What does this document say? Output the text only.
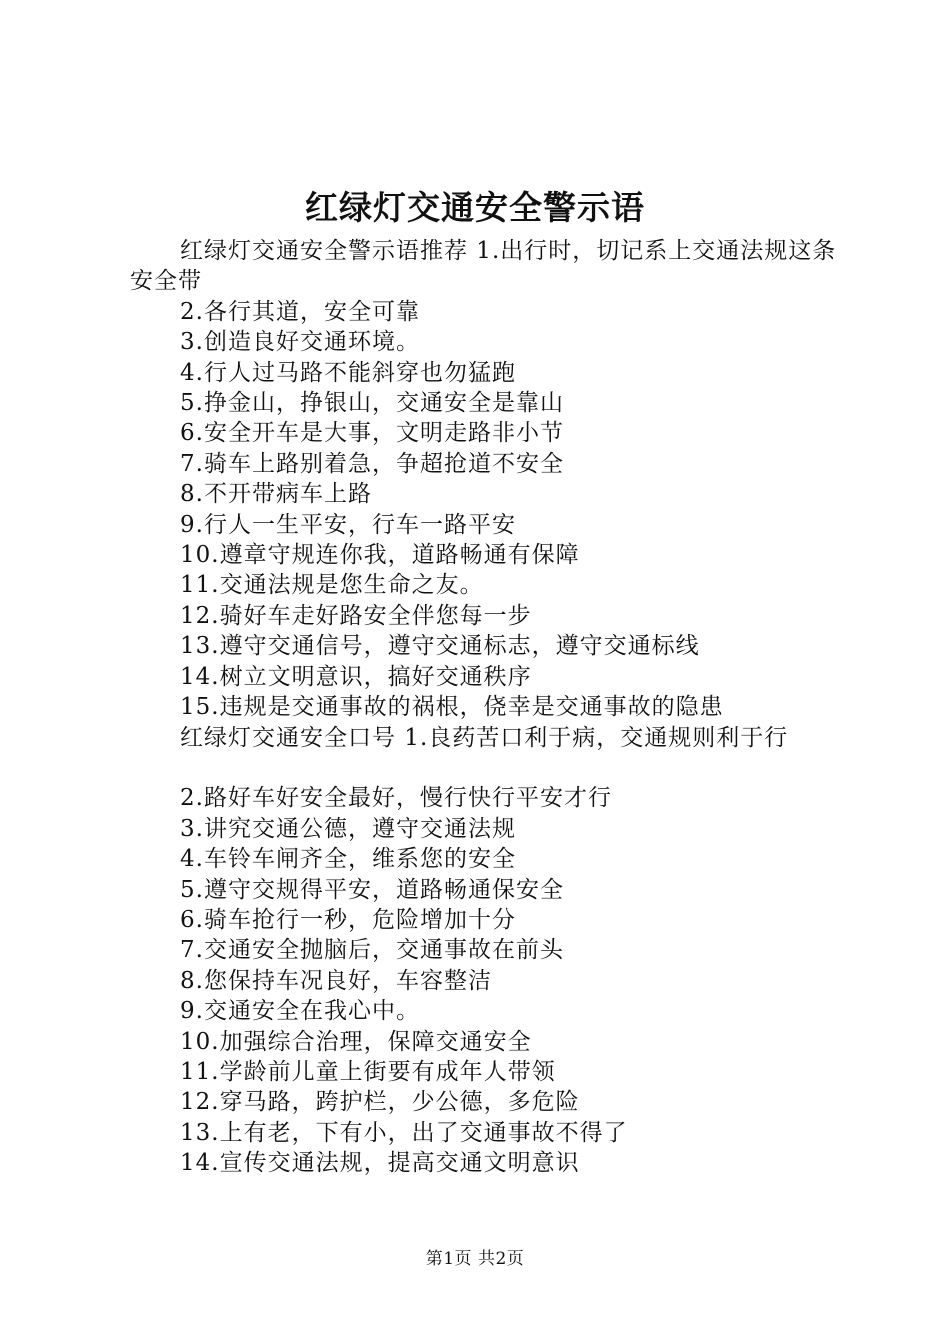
红绿灯交通安全警示语

红绿灯交通安全警示语推荐 1.出行时，切记系上交通法规这条安全带

2.各行其道，安全可靠

3.创造良好交通环境。

4.行人过马路不能斜穿也勿猛跑

5.挣金山，挣银山，交通安全是靠山

6.安全开车是大事，文明走路非小节

7.骑车上路别着急，争超抢道不安全

8.不开带病车上路

9.行人一生平安，行车一路平安

10.遵章守规连你我，道路畅通有保障

11.交通法规是您生命之友。

12.骑好车走好路安全伴您每一步

13.遵守交通信号，遵守交通标志，遵守交通标线

14.树立文明意识，搞好交通秩序

15.违规是交通事故的祸根，侥幸是交通事故的隐患

红绿灯交通安全口号 1.良药苦口利于病，交通规则利于行

2.路好车好安全最好，慢行快行平安才行

3.讲究交通公德，遵守交通法规

4.车铃车闸齐全，维系您的安全

5.遵守交规得平安，道路畅通保安全

6.骑车抢行一秒，危险增加十分

7.交通安全抛脑后，交通事故在前头

8.您保持车况良好，车容整洁

9.交通安全在我心中。

10.加强综合治理，保障交通安全

11.学龄前儿童上街要有成年人带领

12.穿马路，跨护栏，少公德，多危险

13.上有老，下有小，出了交通事故不得了

14.宣传交通法规，提高交通文明意识

第1页 共2页
